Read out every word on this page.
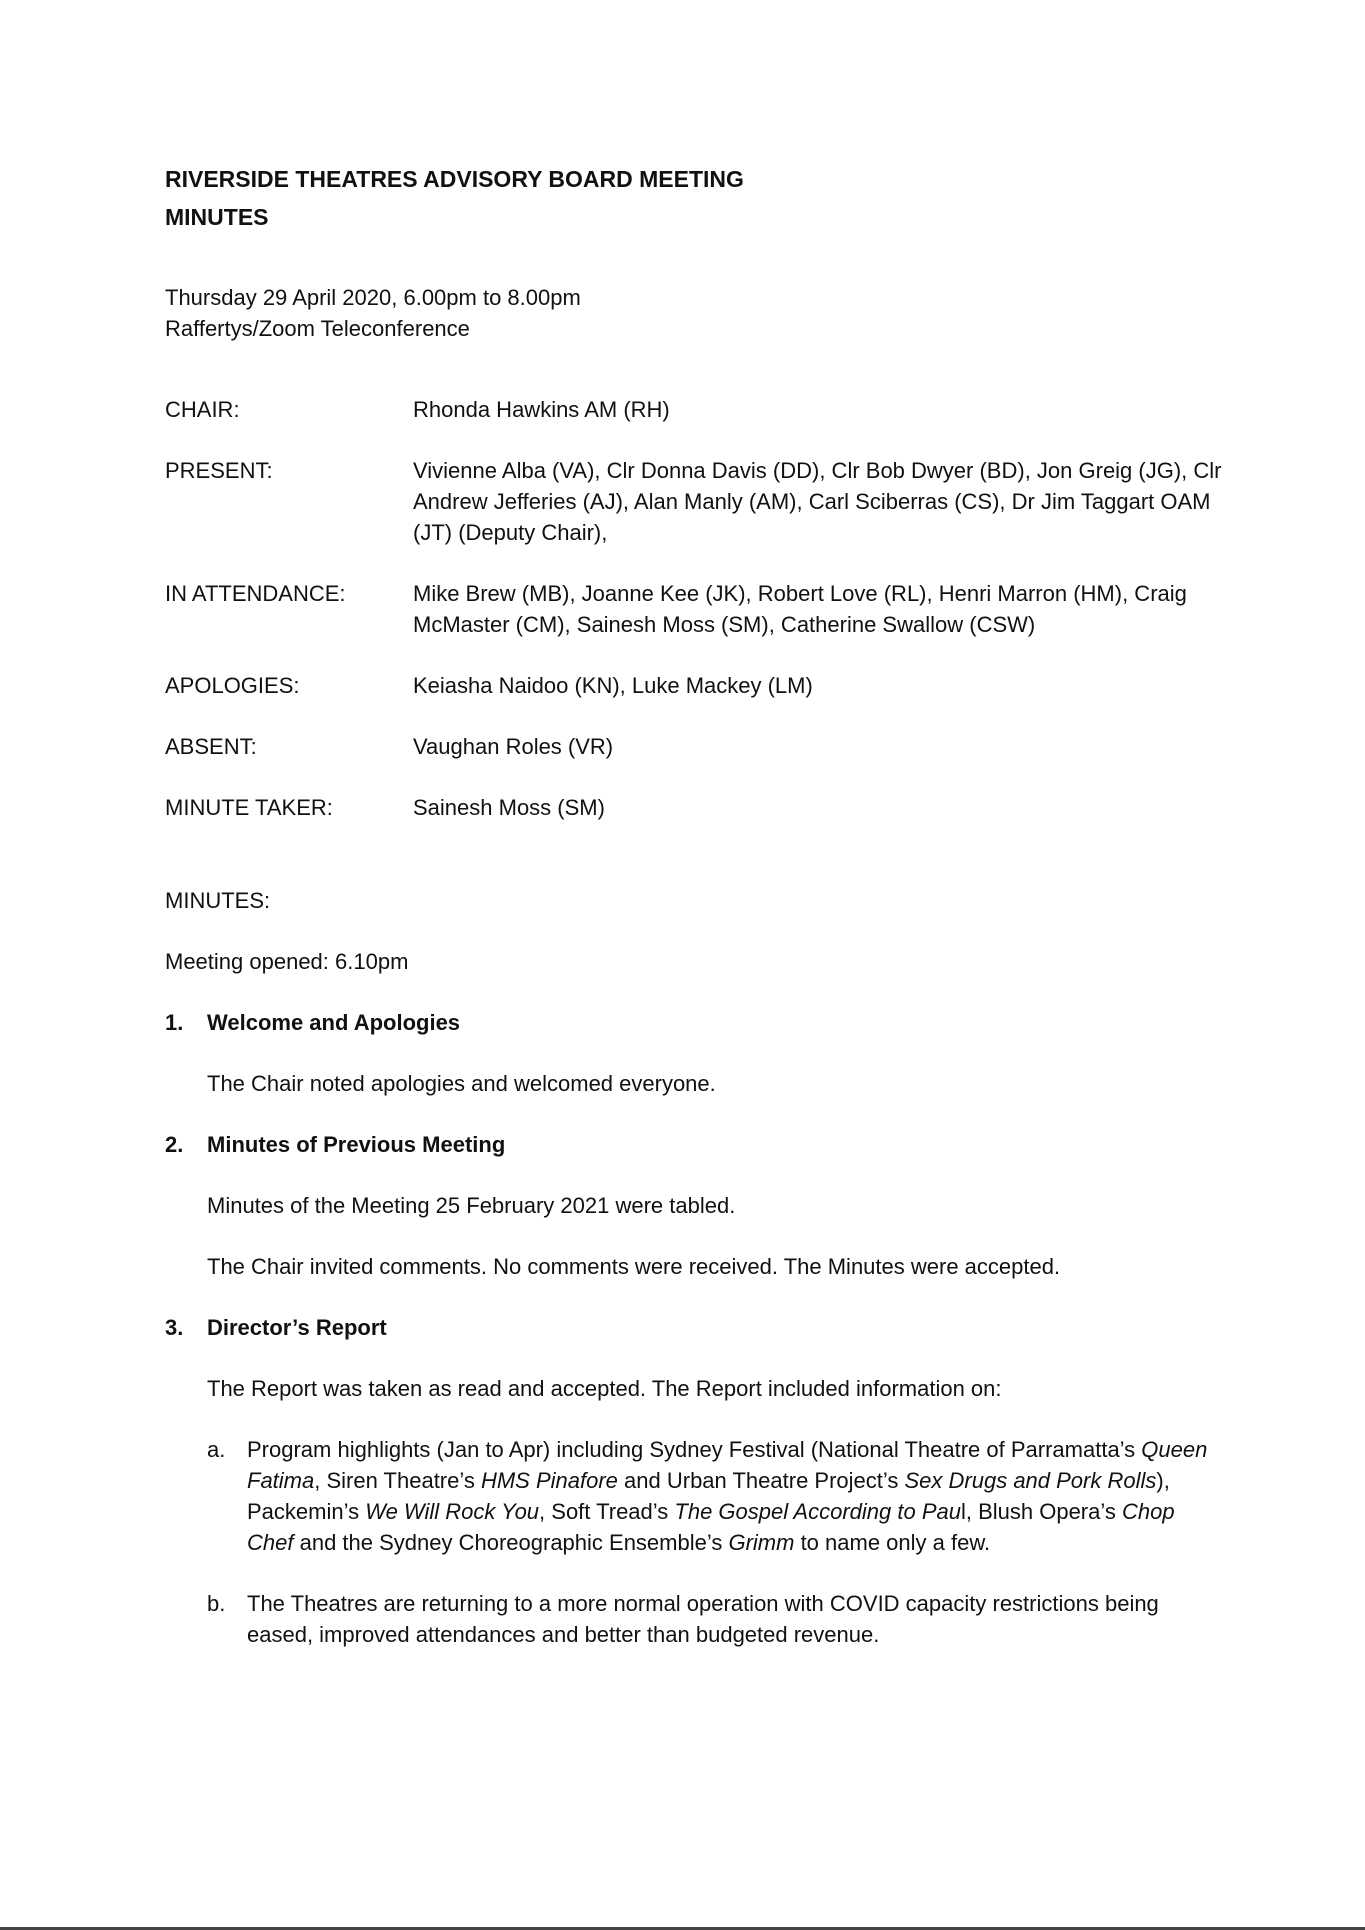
RIVERSIDE THEATRES ADVISORY BOARD MEETING
MINUTES
Thursday 29 April 2020, 6.00pm to 8.00pm
Raffertys/Zoom Teleconference
CHAIR:	Rhonda Hawkins AM (RH)
PRESENT:	Vivienne Alba (VA), Clr Donna Davis (DD), Clr Bob Dwyer (BD), Jon Greig (JG), Clr Andrew Jefferies (AJ), Alan Manly (AM), Carl Sciberras (CS), Dr Jim Taggart OAM (JT) (Deputy Chair),
IN ATTENDANCE:	Mike Brew (MB), Joanne Kee (JK), Robert Love (RL), Henri Marron (HM), Craig McMaster (CM), Sainesh Moss (SM), Catherine Swallow (CSW)
APOLOGIES:	Keiasha Naidoo (KN), Luke Mackey (LM)
ABSENT:	Vaughan Roles (VR)
MINUTE TAKER:	Sainesh Moss (SM)
MINUTES:
Meeting opened: 6.10pm
1.	Welcome and Apologies
The Chair noted apologies and welcomed everyone.
2.	Minutes of Previous Meeting
Minutes of the Meeting 25 February 2021 were tabled.
The Chair invited comments. No comments were received. The Minutes were accepted.
3.	Director’s Report
The Report was taken as read and accepted. The Report included information on:
a. Program highlights (Jan to Apr) including Sydney Festival (National Theatre of Parramatta’s Queen Fatima, Siren Theatre’s HMS Pinafore and Urban Theatre Project’s Sex Drugs and Pork Rolls), Packemin’s We Will Rock You, Soft Tread’s The Gospel According to Paul, Blush Opera’s Chop Chef and the Sydney Choreographic Ensemble’s Grimm to name only a few.
b. The Theatres are returning to a more normal operation with COVID capacity restrictions being eased, improved attendances and better than budgeted revenue.
